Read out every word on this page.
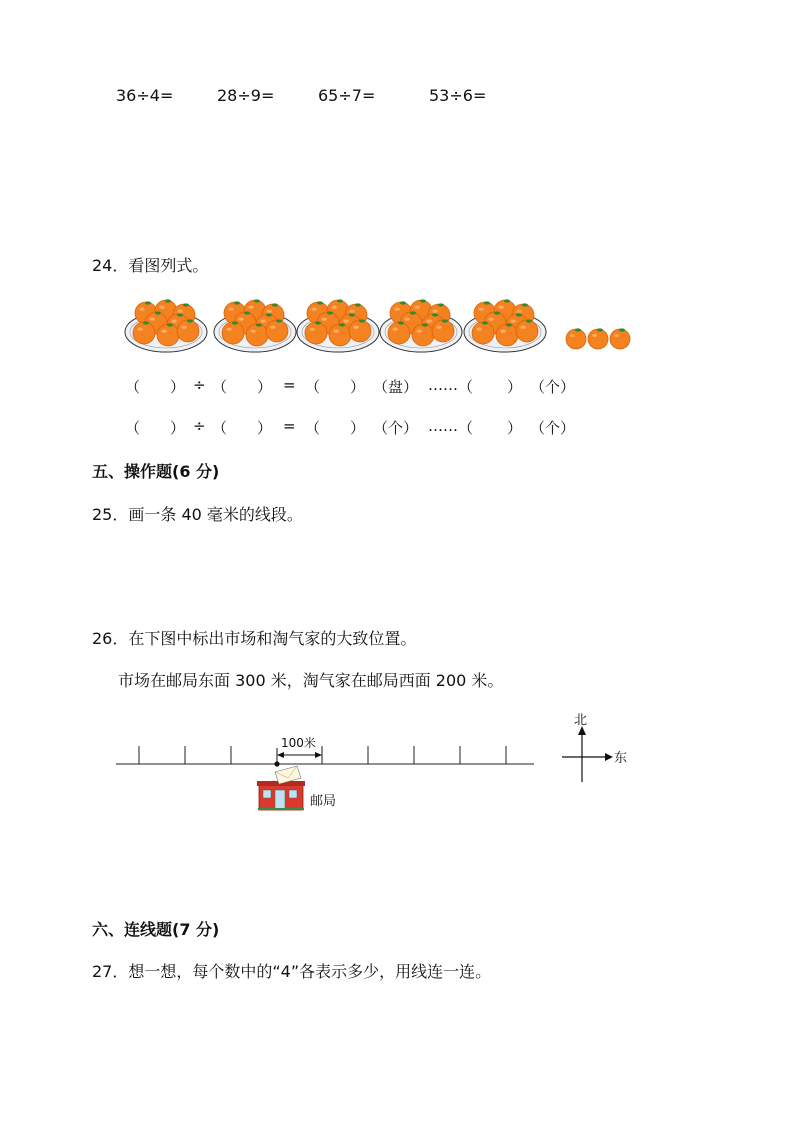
36÷4=	28÷9=	65÷7=	53÷6=
24．看图列式。
（ ） ÷ （ ） = （ ） （盘） …… （ ） （个）
（ ） ÷ （ ） = （ ） （个） …… （ ） （个）
五、操作题(6 分)
25．画一条 40 毫米的线段。
26．在下图中标出市场和淘气家的大致位置。
市场在邮局东面 300 米，淘气家在邮局西面 200 米。
100米
邮局
北
东
六、连线题(7 分)
27．想一想，每个数中的“4”各表示多少，用线连一连。
